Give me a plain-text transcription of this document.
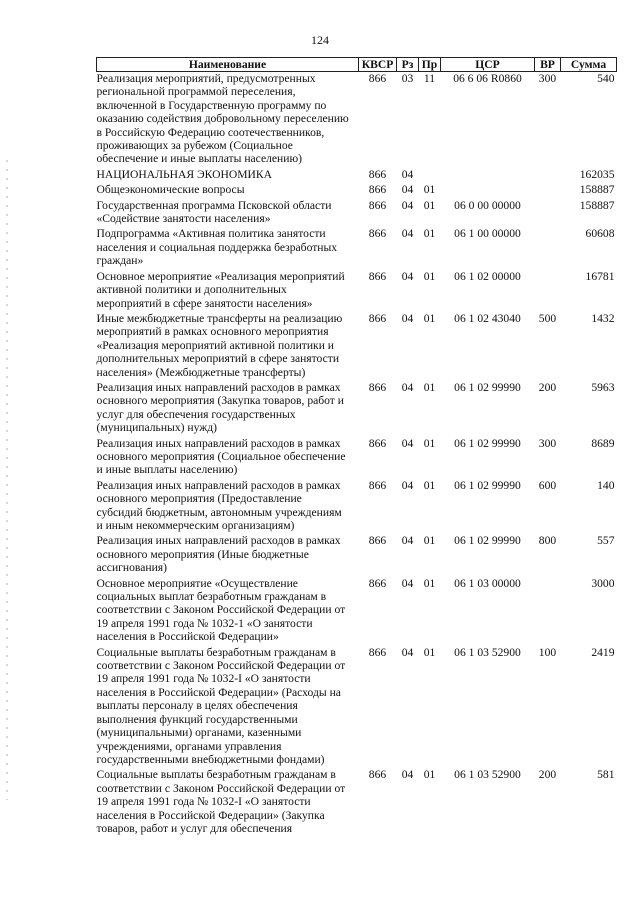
124
Наименование	КВСР	Рз	Пр	ЦСР	ВР	Сумма
Реализация мероприятий, предусмотренных региональной программой переселения, включенной в Государственную программу по оказанию содействия добровольному переселению в Российскую Федерацию соотечественников, проживающих за рубежом (Социальное обеспечение и иные выплаты населению)	866	03	11	06 6 06 R0860	300	540
НАЦИОНАЛЬНАЯ ЭКОНОМИКА	866	04				162035
Общеэкономические вопросы	866	04	01			158887
Государственная программа Псковской области «Содействие занятости населения»	866	04	01	06 0 00 00000		158887
Подпрограмма «Активная политика занятости населения и социальная поддержка безработных граждан»	866	04	01	06 1 00 00000		60608
Основное мероприятие «Реализация мероприятий активной политики и дополнительных мероприятий в сфере занятости населения»	866	04	01	06 1 02 00000		16781
Иные межбюджетные трансферты на реализацию мероприятий в рамках основного мероприятия «Реализация мероприятий активной политики и дополнительных мероприятий в сфере занятости населения» (Межбюджетные трансферты)	866	04	01	06 1 02 43040	500	1432
Реализация иных направлений расходов в рамках основного мероприятия (Закупка товаров, работ и услуг для обеспечения государственных (муниципальных) нужд)	866	04	01	06 1 02 99990	200	5963
Реализация иных направлений расходов в рамках основного мероприятия (Социальное обеспечение и иные выплаты населению)	866	04	01	06 1 02 99990	300	8689
Реализация иных направлений расходов в рамках основного мероприятия (Предоставление субсидий бюджетным, автономным учреждениям и иным некоммерческим организациям)	866	04	01	06 1 02 99990	600	140
Реализация иных направлений расходов в рамках основного мероприятия (Иные бюджетные ассигнования)	866	04	01	06 1 02 99990	800	557
Основное мероприятие «Осуществление социальных выплат безработным гражданам в соответствии с Законом Российской Федерации от 19 апреля 1991 года № 1032-1 «О занятости населения в Российской Федерации»	866	04	01	06 1 03 00000		3000
Социальные выплаты безработным гражданам в соответствии с Законом Российской Федерации от 19 апреля 1991 года № 1032-I «О занятости населения в Российской Федерации» (Расходы на выплаты персоналу в целях обеспечения выполнения функций государственными (муниципальными) органами, казенными учреждениями, органами управления государственными внебюджетными фондами)	866	04	01	06 1 03 52900	100	2419
Социальные выплаты безработным гражданам в соответствии с Законом Российской Федерации от 19 апреля 1991 года № 1032-I «О занятости населения в Российской Федерации» (Закупка товаров, работ и услуг для обеспечения	866	04	01	06 1 03 52900	200	581
